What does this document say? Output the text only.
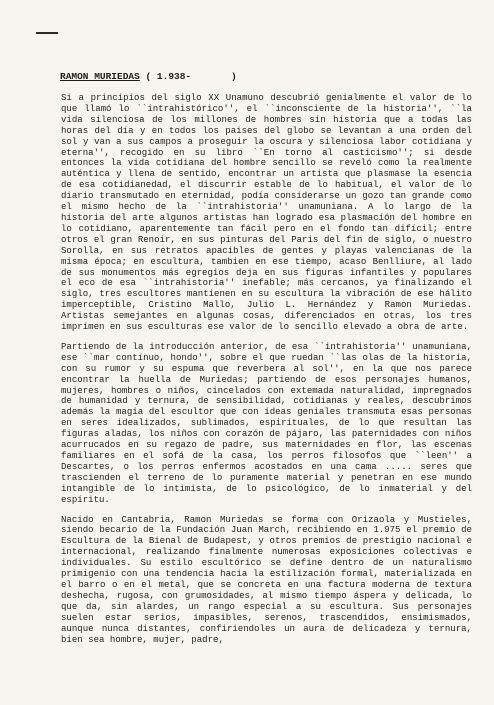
RAMON MURIEDAS ( 1.938-       )

Si a principios del siglo XX Unamuno descubrió genialmente el valor de lo que llamó lo ``intrahistórico'', el ``inconsciente de la historia'', ``la vida silenciosa de los millones de hombres sin historia que a todas las horas del día y en todos los paises del globo se levantan a una orden del sol y van a sus campos a proseguir la oscura y silenciosa labor cotidiana y eterna'', recogido en su libro ``En torno al casticismo''; si desde entonces la vida cotidiana del hombre sencillo se reveló como la realmente auténtica y llena de sentido, encontrar un artista que plasmase la esencia de esa cotidianedad, el discurrir estable de lo habitual, el valor de lo diario transmutado en eternidad, podía considerarse un gozo tan grande como el mismo hecho de la ``intrahistoria'' unamuniana. A lo largo de la historia del arte algunos artistas han logrado esa plasmación del hombre en lo cotidiano, aparentemente tan fácil pero en el fondo tan difícil; entre otros el gran Renoir, en sus pinturas del Paris del fin de siglo, o nuestro Sorolla, en sus retratos apacibles de gentes y playas valencianas de la misma época; en escultura, tambien en ese tiempo, acaso Benlliure, al lado de sus monumentos más egregios deja en sus figuras infantiles y populares el eco de esa ``intrahistoria'' inefable; más cercanos, ya finalizando el siglo, tres escultores mantienen en su escultura la vibración de ese hálito imperceptible, Cristino Mallo, Julio L. Hernández y Ramon Muriedas. Artistas semejantes en algunas cosas, diferenciados en otras, los tres imprimen en sus esculturas ese valor de lo sencillo elevado a obra de arte.

Partiendo de la introducción anterior, de esa ``intrahistoria'' unamuniana, ese ``mar contínuo, hondo'', sobre el que ruedan ``las olas de la historia, con su rumor y su espuma que reverbera al sol'', en la que nos parece encontrar la huella de Muriedas; partiendo de esos personajes humanos, mujeres, hombres o niños, cincelados con extemada naturalidad, impregnados de humanidad y ternura, de sensibilidad, cotidianas y reales, descubrimos además la magia del escultor que con ideas geniales transmuta esas personas en seres idealizados, sublimados, espirituales, de lo que resultan las figuras aladas, los niños con corazón de pájaro, las paternidades con niños acurrucados en su regazo de padre, sus maternidades en flor, las escenas familiares en el sofá de la casa, los perros filosofos que ``leen'' a Descartes, o los perros enfermos acostados en una cama ..... seres que trascienden el terreno de lo puramente material y penetran en ese mundo intangible de lo intimista, de lo psicológico, de lo inmaterial y del espíritu.

Nacido en Cantabria, Ramon Muriedas se forma con Orizaola y Mustieles, siendo becario de la Fundación Juan March, recibiendo en 1.975 el premio de Escultura de la Bienal de Budapest, y otros premios de prestigio nacional e internacional, realizando finalmente numerosas exposiciones colectivas e individuales. Su estilo escultórico se define dentro de un naturalismo primigenio con una tendencia hacia la estilización formal, materializada en el barro o en el metal, que se concreta en una factura moderna de textura deshecha, rugosa, con grumosidades, al mismo tiempo áspera y delicada, lo que da, sin alardes, un rango especial a su escultura. Sus personajes suelen estar serios, impasibles, serenos, trascendidos, ensimismados, aunque nunca distantes, confiriendoles un aura de delicadeza y ternura, bien sea hombre, mujer, padre,
